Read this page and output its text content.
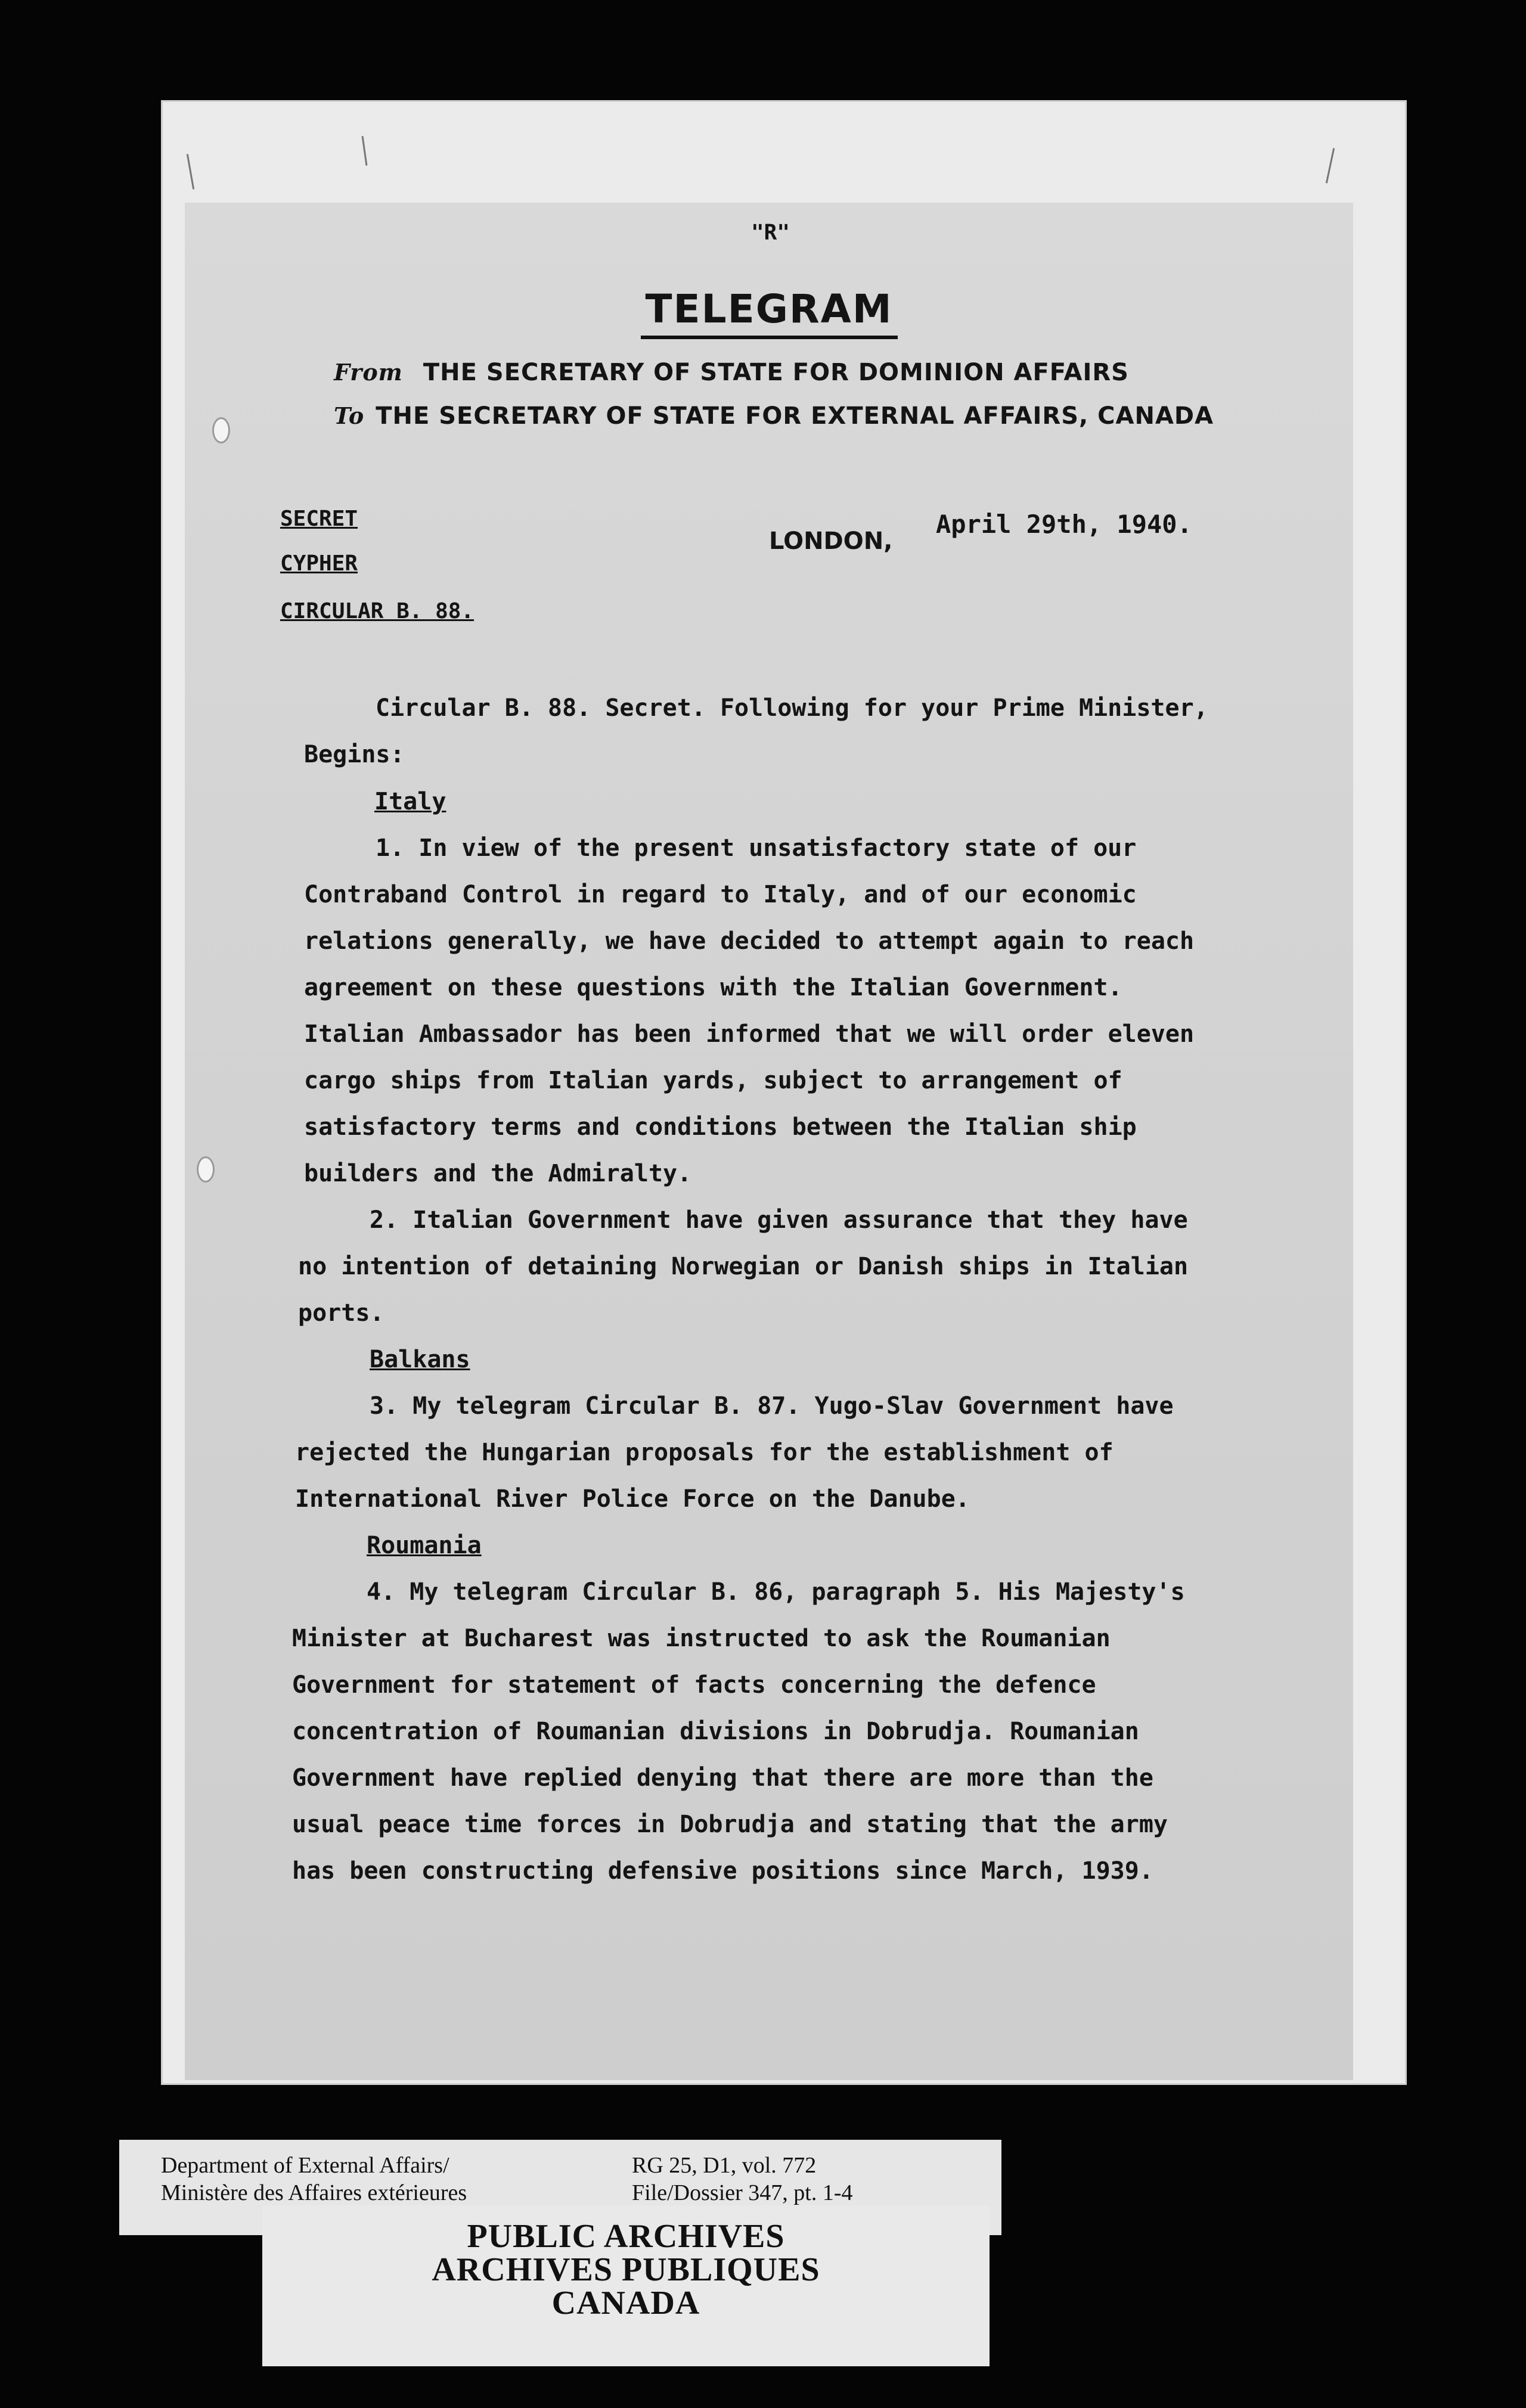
"R"
TELEGRAM
From THE SECRETARY OF STATE FOR DOMINION AFFAIRS
To THE SECRETARY OF STATE FOR EXTERNAL AFFAIRS, CANADA
SECRET
CYPHER
CIRCULAR B. 88.
LONDON,
April 29th, 1940.
Circular B. 88. Secret. Following for your Prime Minister,
Begins:
Italy
1. In view of the present unsatisfactory state of our
Contraband Control in regard to Italy, and of our economic
relations generally, we have decided to attempt again to reach
agreement on these questions with the Italian Government.
Italian Ambassador has been informed that we will order eleven
cargo ships from Italian yards, subject to arrangement of
satisfactory terms and conditions between the Italian ship
builders and the Admiralty.
2. Italian Government have given assurance that they have
no intention of detaining Norwegian or Danish ships in Italian
ports.
Balkans
3. My telegram Circular B. 87. Yugo-Slav Government have
rejected the Hungarian proposals for the establishment of
International River Police Force on the Danube.
Roumania
4. My telegram Circular B. 86, paragraph 5. His Majesty's
Minister at Bucharest was instructed to ask the Roumanian
Government for statement of facts concerning the defence
concentration of Roumanian divisions in Dobrudja. Roumanian
Government have replied denying that there are more than the
usual peace time forces in Dobrudja and stating that the army
has been constructing defensive positions since March, 1939.
Department of External Affairs/
Ministère des Affaires extérieures
RG 25, D1, vol. 772
File/Dossier 347, pt. 1-4
PUBLIC ARCHIVES
ARCHIVES PUBLIQUES
CANADA
